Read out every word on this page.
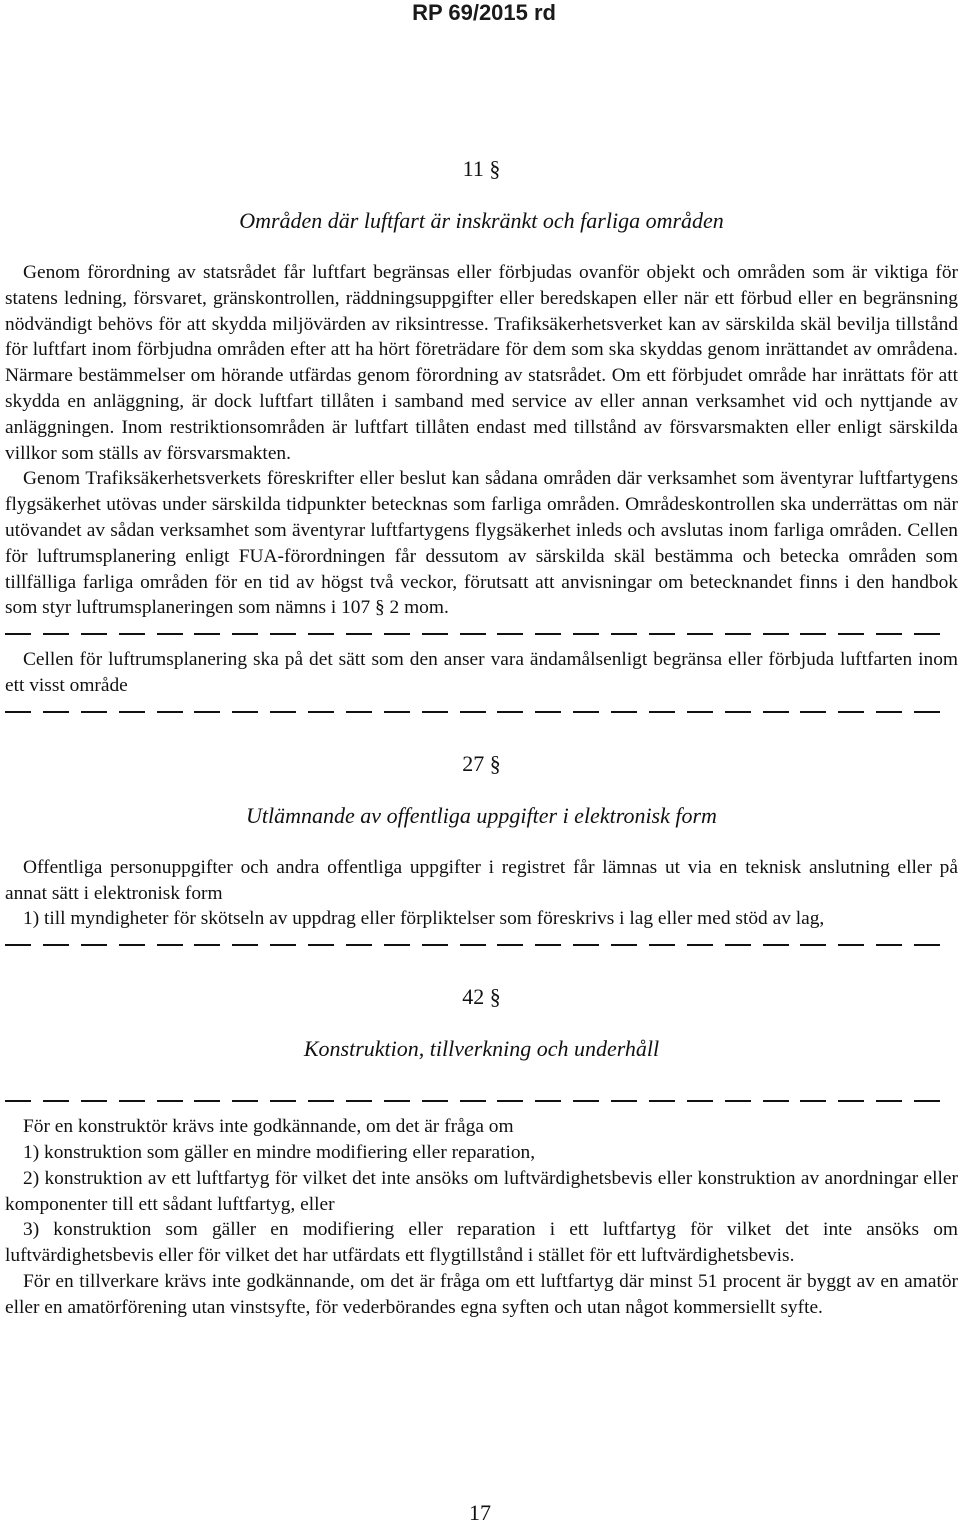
RP 69/2015 rd
11 §
Områden där luftfart är inskränkt och farliga områden

Genom förordning av statsrådet får luftfart begränsas eller förbjudas ovanför objekt och områden som är viktiga för statens ledning, försvaret, gränskontrollen, räddningsuppgifter eller beredskapen eller när ett förbud eller en begränsning nödvändigt behövs för att skydda miljövärden av riksintresse. Trafiksäkerhetsverket kan av särskilda skäl bevilja tillstånd för luftfart inom förbjudna områden efter att ha hört företrädare för dem som ska skyddas genom inrättandet av områdena. Närmare bestämmelser om hörande utfärdas genom förordning av statsrådet. Om ett förbjudet område har inrättats för att skydda en anläggning, är dock luftfart tillåten i samband med service av eller annan verksamhet vid och nyttjande av anläggningen. Inom restriktionsområden är luftfart tillåten endast med tillstånd av försvarsmakten eller enligt särskilda villkor som ställs av försvarsmakten.

Genom Trafiksäkerhetsverkets föreskrifter eller beslut kan sådana områden där verksamhet som äventyrar luftfartygens flygsäkerhet utövas under särskilda tidpunkter betecknas som farliga områden. Områdeskontrollen ska underrättas om när utövandet av sådan verksamhet som äventyrar luftfartygens flygsäkerhet inleds och avslutas inom farliga områden. Cellen för luftrumsplanering enligt FUA-förordningen får dessutom av särskilda skäl bestämma och betecka områden som tillfälliga farliga områden för en tid av högst två veckor, förutsatt att anvisningar om betecknandet finns i den handbok som styr luftrumsplaneringen som nämns i 107 § 2 mom.

Cellen för luftrumsplanering ska på det sätt som den anser vara ändamålsenligt begränsa eller förbjuda luftfarten inom ett visst område

27 §
Utlämnande av offentliga uppgifter i elektronisk form

Offentliga personuppgifter och andra offentliga uppgifter i registret får lämnas ut via en teknisk anslutning eller på annat sätt i elektronisk form

1) till myndigheter för skötseln av uppdrag eller förpliktelser som föreskrivs i lag eller med stöd av lag,

42 §
Konstruktion, tillverkning och underhåll

För en konstruktör krävs inte godkännande, om det är fråga om

1) konstruktion som gäller en mindre modifiering eller reparation,

2) konstruktion av ett luftfartyg för vilket det inte ansöks om luftvärdighetsbevis eller konstruktion av anordningar eller komponenter till ett sådant luftfartyg, eller

3) konstruktion som gäller en modifiering eller reparation i ett luftfartyg för vilket det inte ansöks om luftvärdighetsbevis eller för vilket det har utfärdats ett flygtillstånd i stället för ett luftvärdighetsbevis.

För en tillverkare krävs inte godkännande, om det är fråga om ett luftfartyg där minst 51 procent är byggt av en amatör eller en amatörförening utan vinstsyfte, för vederbörandes egna syften och utan något kommersiellt syfte.

17
